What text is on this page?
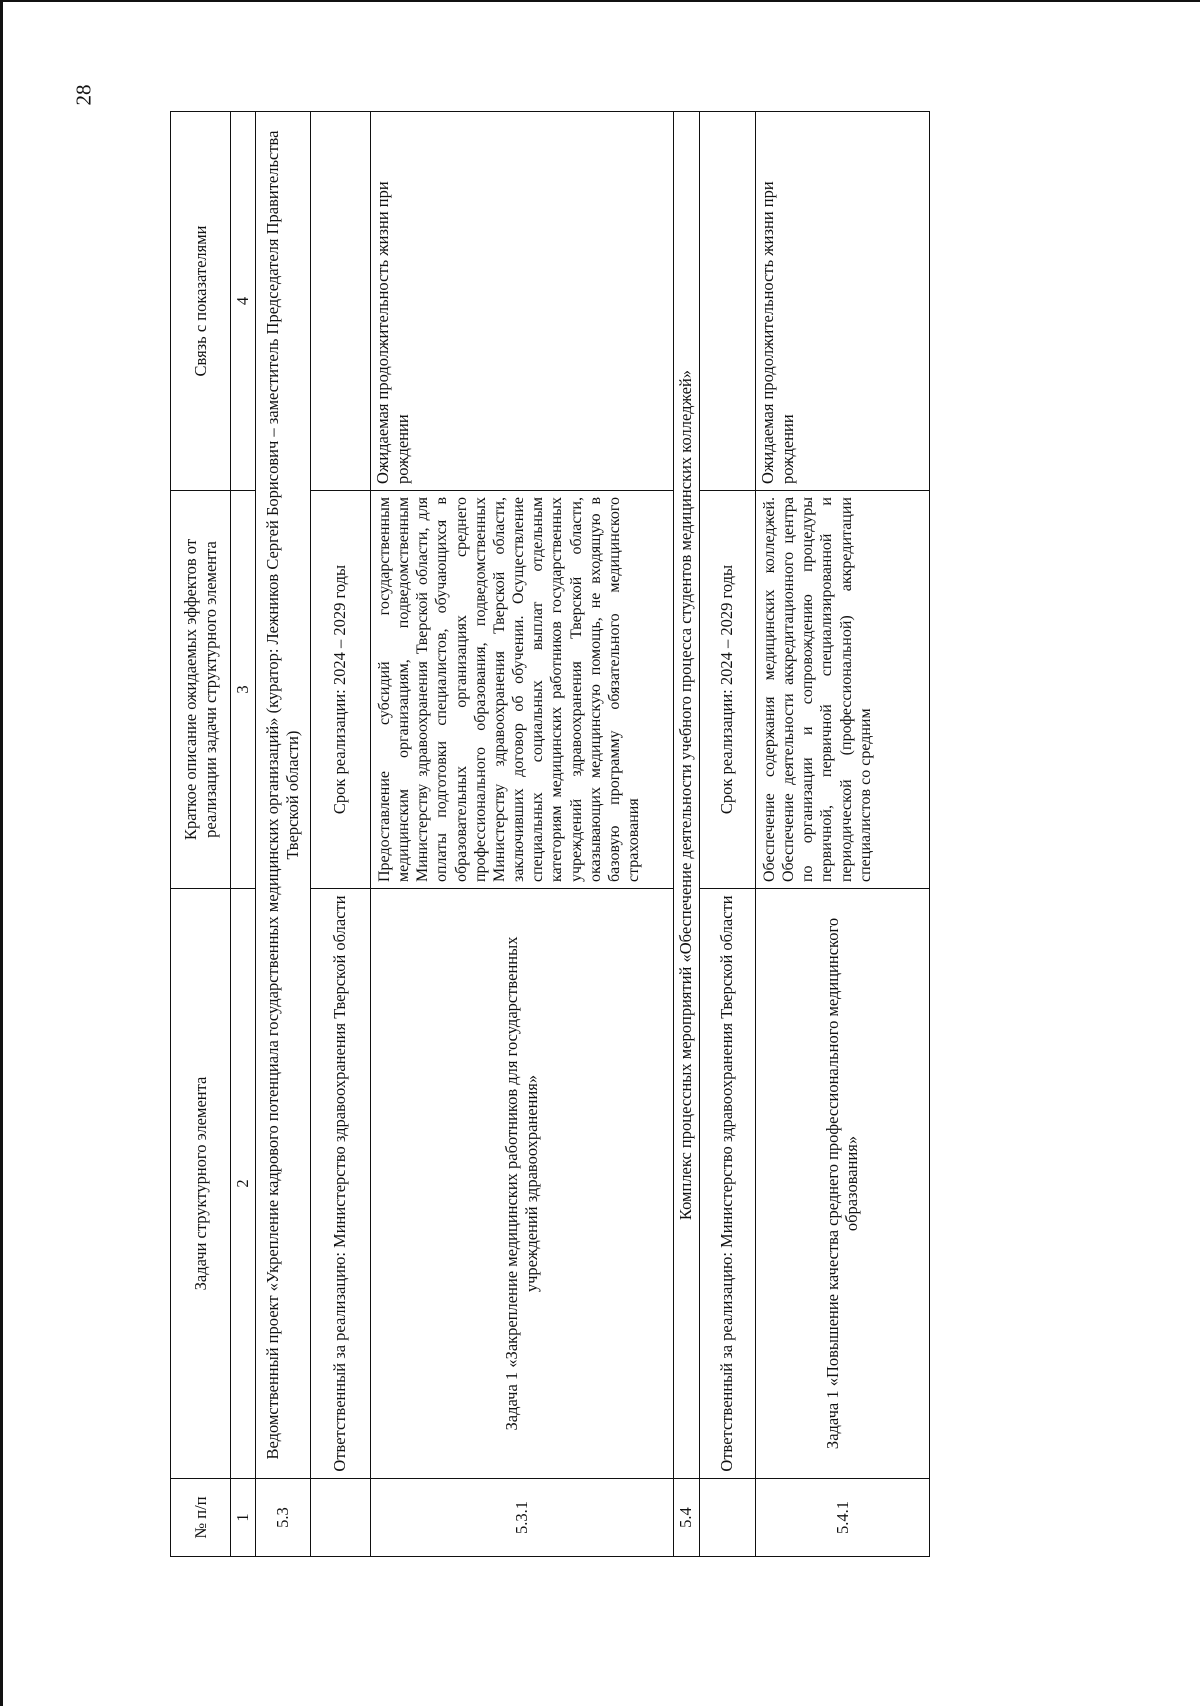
28
№ п/п	Задачи структурного элемента	Краткое описание ожидаемых эффектов от реализации задачи структурного элемента	Связь с показателями
1	2	3	4
5.3	Ведомственный проект «Укрепление кадрового потенциала государственных медицинских организаций» (куратор: Лежников Сергей Борисович – заместитель Председателя Правительства Тверской области)		
	Ответственный за реализацию: Министерство здравоохранения Тверской области	Срок реализации: 2024 – 2029 годы	
5.3.1	Задача 1 «Закрепление медицинских работников для государственных учреждений здравоохранения»	Предоставление субсидий государственным медицинским организациям, подведомственным Министерству здравоохранения Тверской области, для оплаты подготовки специалистов, обучающихся в образовательных организациях среднего профессионального образования, подведомственных Министерству здравоохранения Тверской области, заключивших договор об обучении. Осуществление специальных социальных выплат отдельным категориям медицинских работников государственных учреждений здравоохранения Тверской области, оказывающих медицинскую помощь, не входящую в базовую программу обязательного медицинского страхования	Ожидаемая продолжительность жизни при рождении
5.4	Комплекс процессных мероприятий «Обеспечение деятельности учебного процесса студентов медицинских колледжей»		
	Ответственный за реализацию: Министерство здравоохранения Тверской области	Срок реализации: 2024 – 2029 годы	
5.4.1	Задача 1 «Повышение качества среднего профессионального медицинского образования»	Обеспечение содержания медицинских колледжей. Обеспечение деятельности аккредитационного центра по организации и сопровождению процедуры первичной, первичной специализированной и периодической (профессиональной) аккредитации специалистов со средним	Ожидаемая продолжительность жизни при рождении
